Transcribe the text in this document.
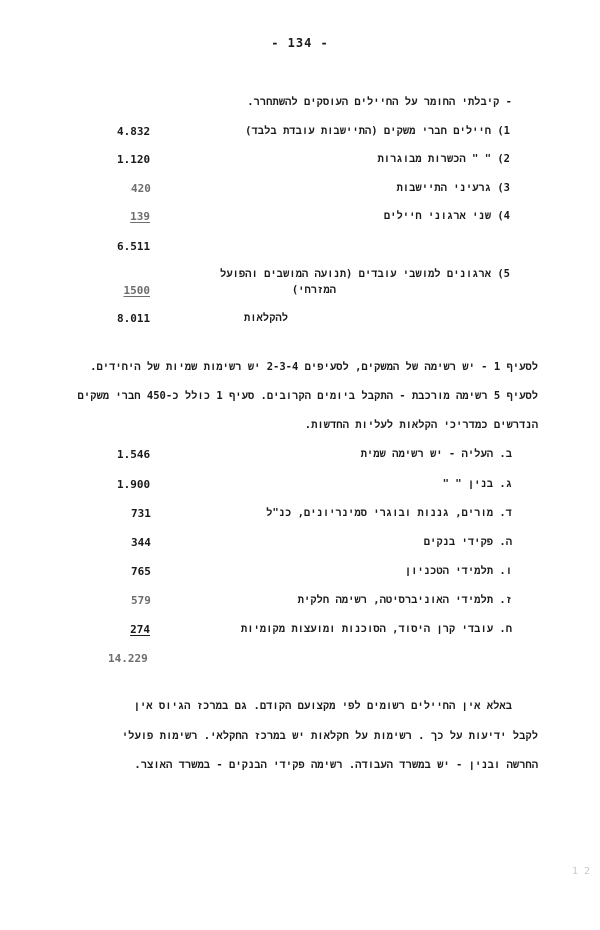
- 134 -
- קיבלתי החומר על החיילים העוסקים להשתחרר.
1) חיילים חברי משקים (התיישבות עובדת בלבד)
4.832
2) " " הכשרות מבוגרות
1.120
3) גרעיני התיישבות
420
4) שני ארגוני חיילים
139
6.511
5) ארגונים למושבי עובדים (תנועה המושבים והפועל
המזרחי)
1500
להקלאות
8.011
לסעיף 1 - יש רשימה של המשקים, לסעיפים 2-3-4 יש רשימות שמיות של היחידים.
לסעיף 5 רשימה מורכבת - התקבל ביומים הקרובים. סעיף 1 כולל כ-450 חברי משקים
הנדרשים כמדריכי הקלאות לעליות החדשות.
ב. העליה - יש רשימה שמית
1.546
ג. בנין " "
1.900
ד. מורים, גננות ובוגרי סמינריונים, כנ"ל
731
ה. פקידי בנקים
344
ו. תלמידי הטכניון
765
ז. תלמידי האוניברסיטה, רשימה חלקית
579
ח. עובדי קרן היסוד, הסוכנות ומועצות מקומיות
274
14.229
באלא אין החיילים רשומים לפי מקצועם הקודם. גם במרכז הגיוס אין
לקבל ידיעות על כך . רשימות על חקלאות יש במרכז החקלאי. רשימות פועלי
החרשה ובנין - יש במשרד העבודה. רשימה פקידי הבנקים - במשרד האוצר.
1 2
